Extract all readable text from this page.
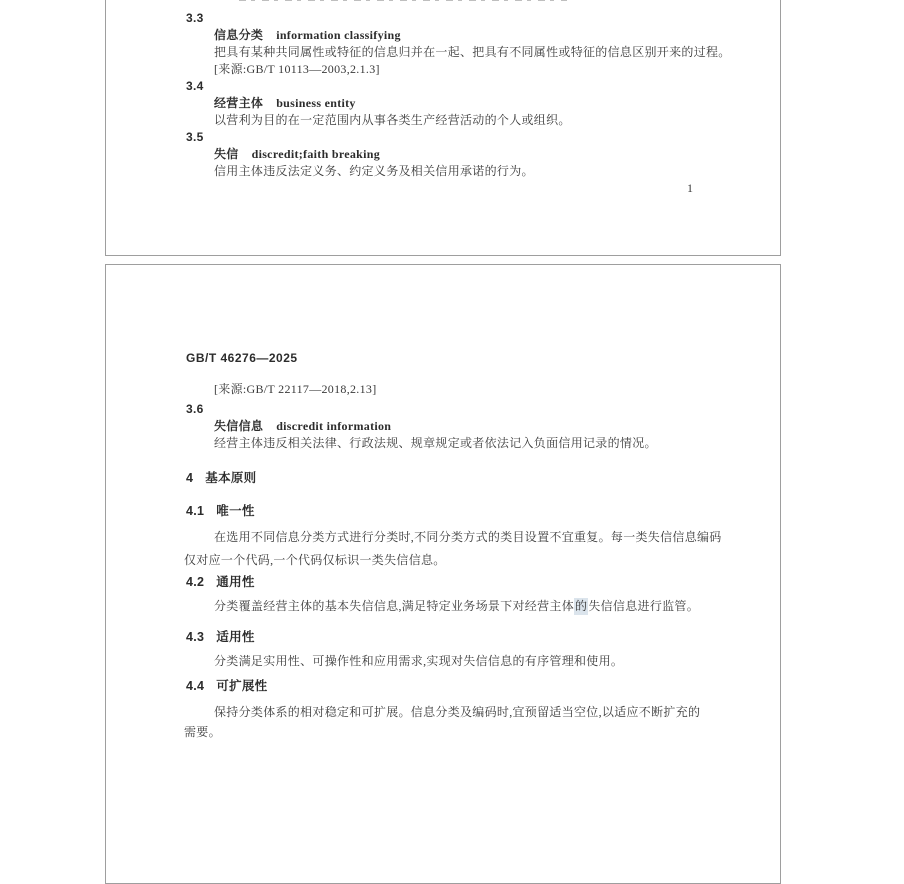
3.3
信息分类 information classifying
把具有某种共同属性或特征的信息归并在一起、把具有不同属性或特征的信息区别开来的过程。
[来源:GB/T 10113—2003,2.1.3]
3.4
经营主体 business entity
以营利为目的在一定范围内从事各类生产经营活动的个人或组织。
3.5
失信 discredit;faith breaking
信用主体违反法定义务、约定义务及相关信用承诺的行为。
1
GB/T 46276—2025
[来源:GB/T 22117—2018,2.13]
3.6
失信信息 discredit information
经营主体违反相关法律、行政法规、规章规定或者依法记入负面信用记录的情况。
4 基本原则
4.1 唯一性
在选用不同信息分类方式进行分类时,不同分类方式的类目设置不宜重复。每一类失信信息编码
仅对应一个代码,一个代码仅标识一类失信信息。
4.2 通用性
分类覆盖经营主体的基本失信信息,满足特定业务场景下对经营主体的失信信息进行监管。
4.3 适用性
分类满足实用性、可操作性和应用需求,实现对失信信息的有序管理和使用。
4.4 可扩展性
保持分类体系的相对稳定和可扩展。信息分类及编码时,宜预留适当空位,以适应不断扩充的
需要。
